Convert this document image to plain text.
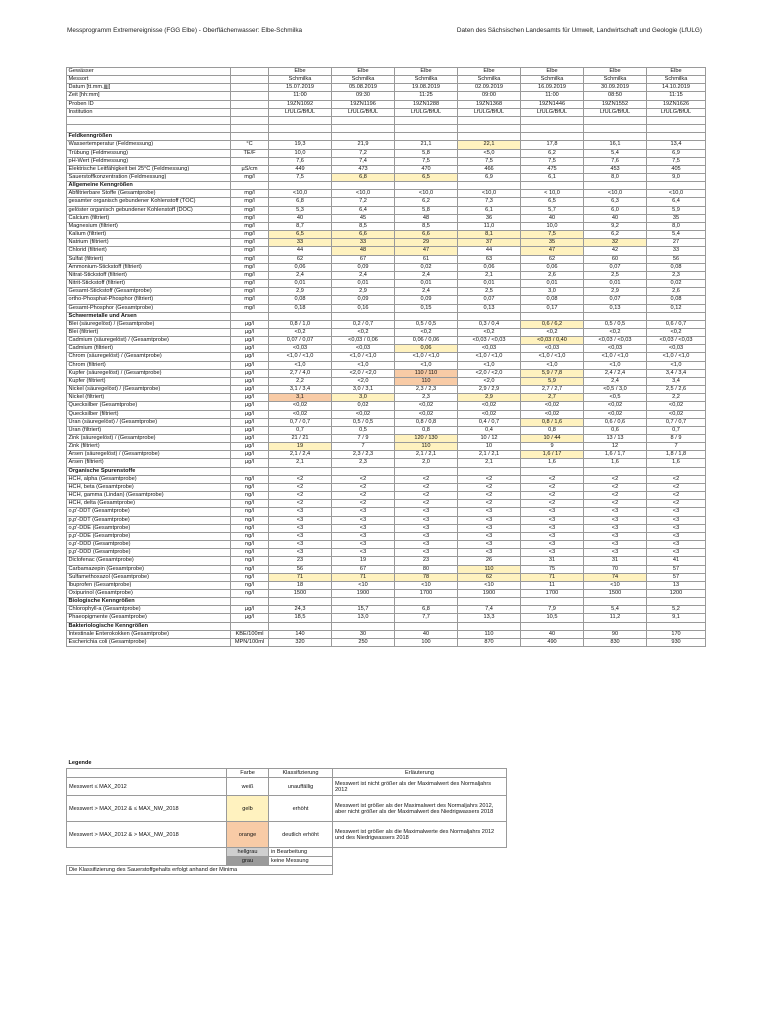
Messprogramm Extremereignisse (FGG Elbe) - Oberflächenwasser: Elbe-Schmilka	Daten des Sächsischen Landesamts für Umwelt, Landwirtschaft und Geologie (LfULG)
Gewässer		Elbe	Elbe	Elbe	Elbe	Elbe	Elbe	Elbe
Messort		Schmilka	Schmilka	Schmilka	Schmilka	Schmilka	Schmilka	Schmilka
Datum [tt.mm.jjjj]		15.07.2019	05.08.2019	19.08.2019	02.09.2019	16.09.2019	30.09.2019	14.10.2019
Zeit [hh:mm]		11:00	09:30	11:25	09:00	11:00	08:50	11:15
Proben ID		19ZN1092	19ZN1196	19ZN1288	19ZN1368	19ZN1446	19ZN1552	19ZN1626
Institution		LfULG/BfUL	LfULG/BfUL	LfULG/BfUL	LfULG/BfUL	LfULG/BfUL	LfULG/BfUL	LfULG/BfUL

Feldkenngrößen								
Wassertemperatur (Feldmessung)	°C	19,3	21,9	21,1	22,1	17,8	16,1	13,4
Trübung (Feldmessung)	TE/F	10,0	7,2	5,8	<5,0	6,2	5,4	6,9
pH-Wert (Feldmessung)		7,6	7,4	7,5	7,5	7,5	7,6	7,5
Elektrische Leitfähigkeit bei 25°C (Feldmessung)	µS/cm	449	473	470	466	475	453	405
Sauerstoffkonzentration (Feldmessung)	mg/l	7,5	6,8	6,5	6,9	6,1	8,0	9,0
Allgemeine Kenngrößen								
Abfiltrierbare Stoffe (Gesamtprobe)	mg/l	<10,0	<10,0	<10,0	<10,0	< 10,0	<10,0	<10,0
gesamter organisch gebundener Kohlenstoff (TOC)	mg/l	6,8	7,2	6,2	7,3	6,5	6,3	6,4
gelöster organisch gebundener Kohlenstoff (DOC)	mg/l	5,3	6,4	5,8	6,1	5,7	6,0	5,9
Calcium (filtriert)	mg/l	40	45	48	36	40	40	35
Magnesium (filtriert)	mg/l	8,7	8,5	8,5	11,0	10,0	9,2	8,0
Kalium (filtriert)	mg/l	6,5	6,6	6,6	8,1	7,5	6,2	5,4
Natrium (filtriert)	mg/l	33	33	29	37	35	32	27
Chlorid (filtriert)	mg/l	44	48	47	44	47	42	33
Sulfat (filtriert)	mg/l	62	67	61	63	62	60	56
Ammonium-Stickstoff (filtriert)	mg/l	0,06	0,09	0,02	0,06	0,06	0,07	0,08
Nitrat-Stickstoff (filtriert)	mg/l	2,4	2,4	2,4	2,1	2,6	2,5	2,3
Nitrit-Stickstoff (filtriert)	mg/l	0,01	0,01	0,01	0,01	0,01	0,01	0,02
Gesamt-Stickstoff (Gesamtprobe)	mg/l	2,9	2,9	2,4	2,5	3,0	2,9	2,6
ortho-Phosphat-Phosphor (filtriert)	mg/l	0,08	0,09	0,09	0,07	0,08	0,07	0,08
Gesamt-Phosphor (Gesamtprobe)	mg/l	0,18	0,16	0,15	0,13	0,17	0,13	0,12
Schwermetalle und Arsen								
Blei (säuregelöst) / (Gesamtprobe)	µg/l	0,8 / 1,0	0,2 / 0,7	0,5 / 0,5	0,3 / 0,4	0,6 / 6,2	0,5 / 0,5	0,6 / 0,7
Blei (filtriert)	µg/l	<0,2	<0,2	<0,2	<0,2	<0,2	<0,2	<0,2
Cadmium (säuregelöst) / (Gesamtprobe)	µg/l	0,07 / 0,07	<0,03 / 0,06	0,06 / 0,06	<0,03 / <0,03	<0,03 / 0,40	<0,03 / <0,03	<0,03 / <0,03
Cadmium (filtriert)	µg/l	<0,03	<0,03	0,06	<0,03	<0,03	<0,03	<0,03
Chrom (säuregelöst) / (Gesamtprobe)	µg/l	<1,0 / <1,0	<1,0 / <1,0	<1,0 / <1,0	<1,0 / <1,0	<1,0 / <1,0	<1,0 / <1,0	<1,0 / <1,0
Chrom (filtriert)	µg/l	<1,0	<1,0	<1,0	<1,0	<1,0	<1,0	<1,0
Kupfer (säuregelöst) / (Gesamtprobe)	µg/l	2,7 / 4,0	<2,0 / <2,0	110 / 110	<2,0 / <2,0	5,9 / 7,8	2,4 / 2,4	3,4 / 3,4
Kupfer (filtriert)	µg/l	2,2	<2,0	110	<2,0	5,9	2,4	3,4
Nickel (säuregelöst) / (Gesamtprobe)	µg/l	3,1 / 3,4	3,0 / 3,1	2,3 / 2,3	2,9 / 2,9	2,7 / 2,7	<0,5 / 3,0	2,5 / 2,6
Nickel (filtriert)	µg/l	3,1	3,0	2,3	2,9	2,7	<0,5	2,2
Quecksilber (Gesamtprobe)	µg/l	<0,02	0,02	<0,02	<0,02	<0,02	<0,02	<0,02
Quecksilber (filtriert)	µg/l	<0,02	<0,02	<0,02	<0,02	<0,02	<0,02	<0,02
Uran (säuregelöst) / (Gesamtprobe)	µg/l	0,7 / 0,7	0,5 / 0,5	0,8 / 0,8	0,4 / 0,7	0,8 / 1,6	0,6 / 0,6	0,7 / 0,7
Uran (filtriert)	µg/l	0,7	0,5	0,8	0,4	0,8	0,6	0,7
Zink (säuregelöst) / (Gesamtprobe)	µg/l	21 / 21	7 / 9	120 / 130	10 / 12	10 / 44	13 / 13	8 / 9
Zink (filtriert)	µg/l	19	7	110	10	9	12	7
Arsen (säuregelöst) / (Gesamtprobe)	µg/l	2,1 / 2,4	2,3 / 2,3	2,1 / 2,1	2,1 / 2,1	1,6 / 17	1,6 / 1,7	1,8 / 1,8
Arsen (filtriert)	µg/l	2,1	2,3	2,0	2,1	1,6	1,6	1,6
Organische Spurenstoffe								
HCH, alpha (Gesamtprobe)	ng/l	<2	<2	<2	<2	<2	<2	<2
HCH, beta (Gesamtprobe)	ng/l	<2	<2	<2	<2	<2	<2	<2
HCH, gamma (Lindan) (Gesamtprobe)	ng/l	<2	<2	<2	<2	<2	<2	<2
HCH, delta (Gesamtprobe)	ng/l	<2	<2	<2	<2	<2	<2	<2
o,p'-DDT (Gesamtprobe)	ng/l	<3	<3	<3	<3	<3	<3	<3
p,p'-DDT (Gesamtprobe)	ng/l	<3	<3	<3	<3	<3	<3	<3
o,p'-DDE (Gesamtprobe)	ng/l	<3	<3	<3	<3	<3	<3	<3
p,p'-DDE (Gesamtprobe)	ng/l	<3	<3	<3	<3	<3	<3	<3
o,p'-DDD (Gesamtprobe)	ng/l	<3	<3	<3	<3	<3	<3	<3
p,p'-DDD (Gesamtprobe)	ng/l	<3	<3	<3	<3	<3	<3	<3
Diclofenac (Gesamtprobe)	ng/l	23	19	23	26	31	31	41
Carbamazepin (Gesamtprobe)	ng/l	56	67	80	110	75	70	57
Sulfamethoxazol (Gesamtprobe)	ng/l	71	71	78	62	71	74	57
Ibuprofen (Gesamtprobe)	ng/l	18	<10	<10	<10	11	<10	13
Oxipurinol (Gesamtprobe)	ng/l	1500	1900	1700	1900	1700	1500	1200
Biologische Kenngrößen								
Chlorophyll-a (Gesamtprobe)	µg/l	24,3	15,7	6,8	7,4	7,9	5,4	5,2
Phaeopigmente (Gesamtprobe)	µg/l	18,5	13,0	7,7	13,3	10,5	11,2	9,1
Bakteriologische Kenngrößen								
Intestinale Enterokokken (Gesamtprobe)	KBE/100ml	140	30	40	110	40	90	170
Escherichia coli (Gesamtprobe)	MPN/100ml	320	250	100	870	490	830	930
Legende			
	Farbe	Klassifizierung	Erläuterung
Messwert ≤ MAX_2012	weiß	unauffällig	Messwert ist nicht größer als der Maximalwert des Normaljahrs 2012
Messwert > MAX_2012 & ≤ MAX_NW_2018	gelb	erhöht	Messwert ist größer als der Maximalwert des Normaljahrs 2012, aber nicht größer als der Maximalwert des Niedrigwassers 2018
Messwert > MAX_2012 & > MAX_NW_2018	orange	deutlich erhöht	Messwert ist größer als die Maximalwerte des Normaljahrs 2012 und des Niedrigwassers 2018
	hellgrau	in Bearbeitung	
	grau	keine Messung	
Die Klassifizierung des Sauerstoffgehalts erfolgt anhand der Minima			
